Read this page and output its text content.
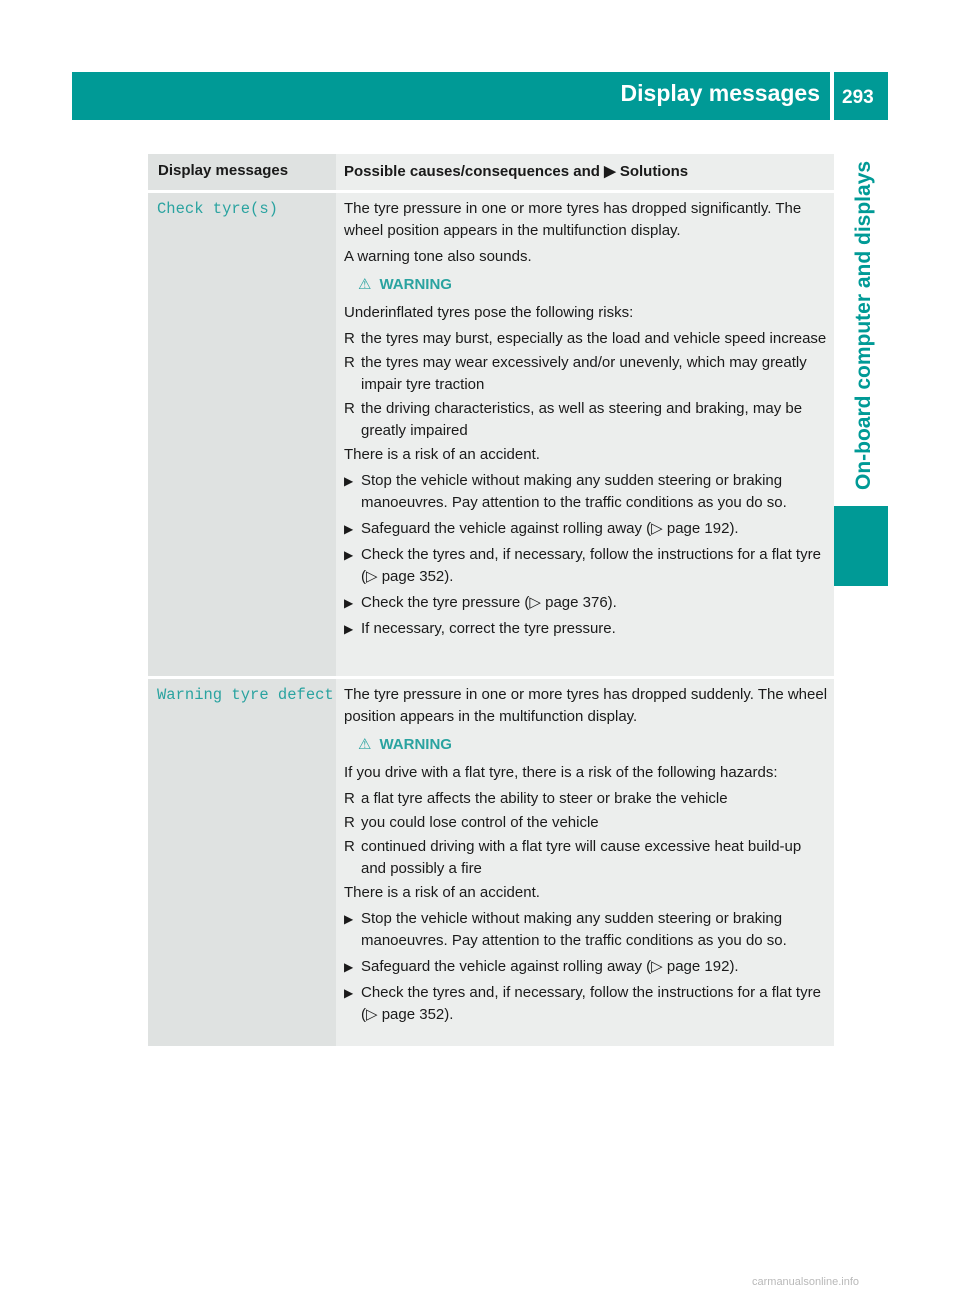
Display messages 293
On-board computer and displays
Display messages	Possible causes/consequences and ▶ Solutions
Check tyre(s)	The tyre pressure in one or more tyres has dropped significantly. The wheel position appears in the multifunction display.

A warning tone also sounds.

⚠ WARNING

Underinflated tyres pose the following risks:

R the tyres may burst, especially as the load and vehicle speed increase

R the tyres may wear excessively and/or unevenly, which may greatly impair tyre traction

R the driving characteristics, as well as steering and braking, may be greatly impaired

There is a risk of an accident.

▶ Stop the vehicle without making any sudden steering or braking manoeuvres. Pay attention to the traffic conditions as you do so.

▶ Safeguard the vehicle against rolling away (▷ page 192).

▶ Check the tyres and, if necessary, follow the instructions for a flat tyre (▷ page 352).

▶ Check the tyre pressure (▷ page 376).

▶ If necessary, correct the tyre pressure.

Warning tyre defect The tyre pressure in one or more tyres has dropped suddenly. The wheel position appears in the multifunction display.

⚠ WARNING

If you drive with a flat tyre, there is a risk of the following hazards:

R a flat tyre affects the ability to steer or brake the vehicle

R you could lose control of the vehicle

R continued driving with a flat tyre will cause excessive heat build-up and possibly a fire

There is a risk of an accident.

▶ Stop the vehicle without making any sudden steering or braking manoeuvres. Pay attention to the traffic conditions as you do so.

▶ Safeguard the vehicle against rolling away (▷ page 192).

▶ Check the tyres and, if necessary, follow the instructions for a flat tyre (▷ page 352).

carmanualsonline.info
